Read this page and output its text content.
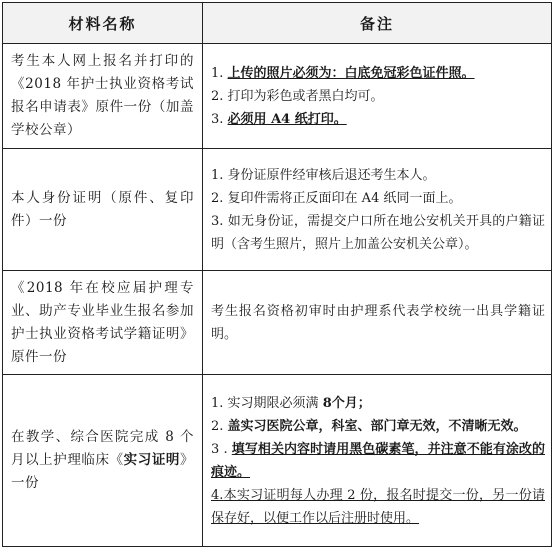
材料名称	备注
考生本人网上报名并打印的《2018 年护士执业资格考试报名申请表》原件一份（加盖学校公章）	1. 上传的照片必须为：白底免冠彩色证件照。
2. 打印为彩色或者黑白均可。
3. 必须用 A4 纸打印。

本人身份证明（原件、复印件）一份	1. 身份证原件经审核后退还考生本人。
2. 复印件需将正反面印在 A4 纸同一面上。
3. 如无身份证，需提交户口所在地公安机关开具的户籍证明（含考生照片，照片上加盖公安机关公章）。

《2018 年在校应届护理专业、助产专业毕业生报名参加护士执业资格考试学籍证明》原件一份	考生报名资格初审时由护理系代表学校统一出具学籍证明。
在教学、综合医院完成 8 个月以上护理临床《实习证明》一份	1. 实习期限必须满 8个月；
2. 盖实习医院公章，科室、部门章无效，不清晰无效。
3 . 填写相关内容时请用黑色碳素笔，并注意不能有涂改的痕迹。
4.本实习证明每人办理 2 份，报名时提交一份，另一份请保存好，以便工作以后注册时使用。
